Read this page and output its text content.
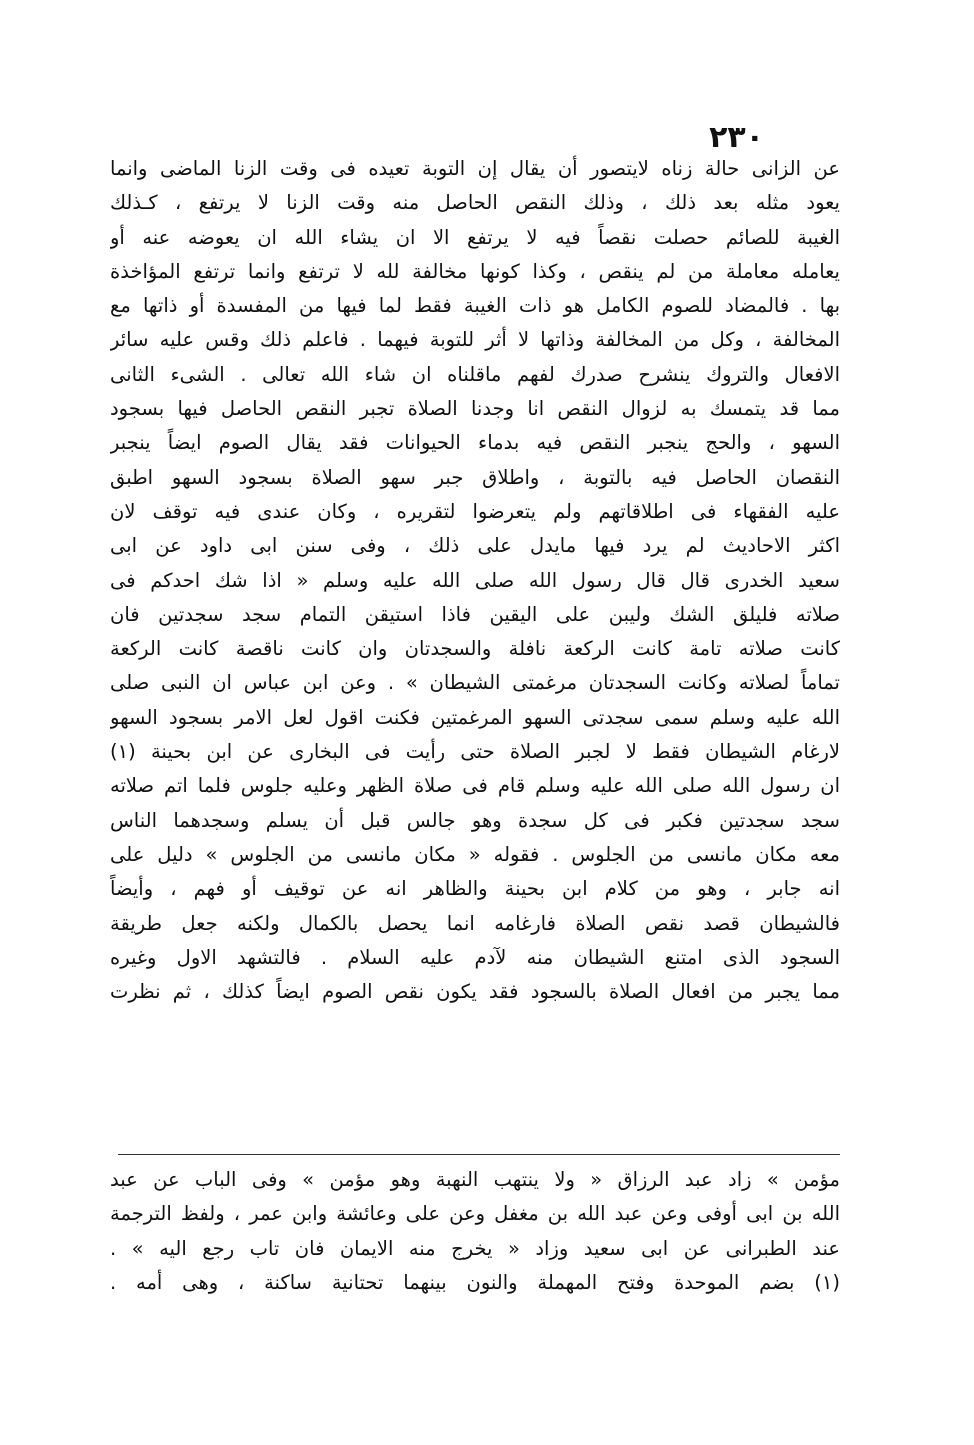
٢٣٠
عن الزانى حالة زناه لايتصور أن يقال إن التوبة تعيده فى وقت الزنا الماضى وانما
يعود مثله بعد ذلك ، وذلك النقص الحاصل منه وقت الزنا لا يرتفع ، كـذلك
الغيبة للصائم حصلت نقصاً فيه لا يرتفع الا ان يشاء الله ان يعوضه عنه أو
يعامله معاملة من لم ينقص ، وكذا كونها مخالفة لله لا ترتفع وانما ترتفع المؤاخذة
بها . فالمضاد للصوم الكامل هو ذات الغيبة فقط لما فيها من المفسدة أو ذاتها مع
المخالفة ، وكل من المخالفة وذاتها لا أثر للتوبة فيهما . فاعلم ذلك وقس عليه سائر
الافعال والتروك ينشرح صدرك لفهم ماقلناه ان شاء الله تعالى . الشىء الثانى
مما قد يتمسك به لزوال النقص انا وجدنا الصلاة تجبر النقص الحاصل فيها بسجود
السهو ، والحج ينجبر النقص فيه بدماء الحيوانات فقد يقال الصوم ايضاً ينجبر
النقصان الحاصل فيه بالتوبة ، واطلاق جبر سهو الصلاة بسجود السهو اطبق
عليه الفقهاء فى اطلاقاتهم ولم يتعرضوا لتقريره ، وكان عندى فيه توقف لان
اكثر الاحاديث لم يرد فيها مايدل على ذلك ، وفى سنن ابى داود عن ابى
سعيد الخدرى قال قال رسول الله صلى الله عليه وسلم « اذا شك احدكم فى
صلاته فليلق الشك وليبن على اليقين فاذا استيقن التمام سجد سجدتين فان
كانت صلاته تامة كانت الركعة نافلة والسجدتان وان كانت ناقصة كانت الركعة
تماماً لصلاته وكانت السجدتان مرغمتى الشيطان » . وعن ابن عباس ان النبى صلى
الله عليه وسلم سمى سجدتى السهو المرغمتين فكنت اقول لعل الامر بسجود السهو
لارغام الشيطان فقط لا لجبر الصلاة حتى رأيت فى البخارى عن ابن بحينة (١)
ان رسول الله صلى الله عليه وسلم قام فى صلاة الظهر وعليه جلوس فلما اتم صلاته
سجد سجدتين فكبر فى كل سجدة وهو جالس قبل أن يسلم وسجدهما الناس
معه مكان مانسى من الجلوس . فقوله « مكان مانسى من الجلوس » دليل على
انه جابر ، وهو من كلام ابن بحينة والظاهر انه عن توقيف أو فهم ، وأيضاً
فالشيطان قصد نقص الصلاة فارغامه انما يحصل بالكمال ولكنه جعل طريقة
السجود الذى امتنع الشيطان منه لآدم عليه السلام . فالتشهد الاول وغيره
مما يجبر من افعال الصلاة بالسجود فقد يكون نقص الصوم ايضاً كذلك ، ثم نظرت
مؤمن » زاد عبد الرزاق « ولا ينتهب النهبة وهو مؤمن » وفى الباب عن عبد
الله بن ابى أوفى وعن عبد الله بن مغفل وعن على وعائشة وابن عمر ، ولفظ الترجمة
عند الطبرانى عن ابى سعيد وزاد « يخرج منه الايمان فان تاب رجع اليه » .
(١) بضم الموحدة وفتح المهملة والنون بينهما تحتانية ساكنة ، وهى أمه .
